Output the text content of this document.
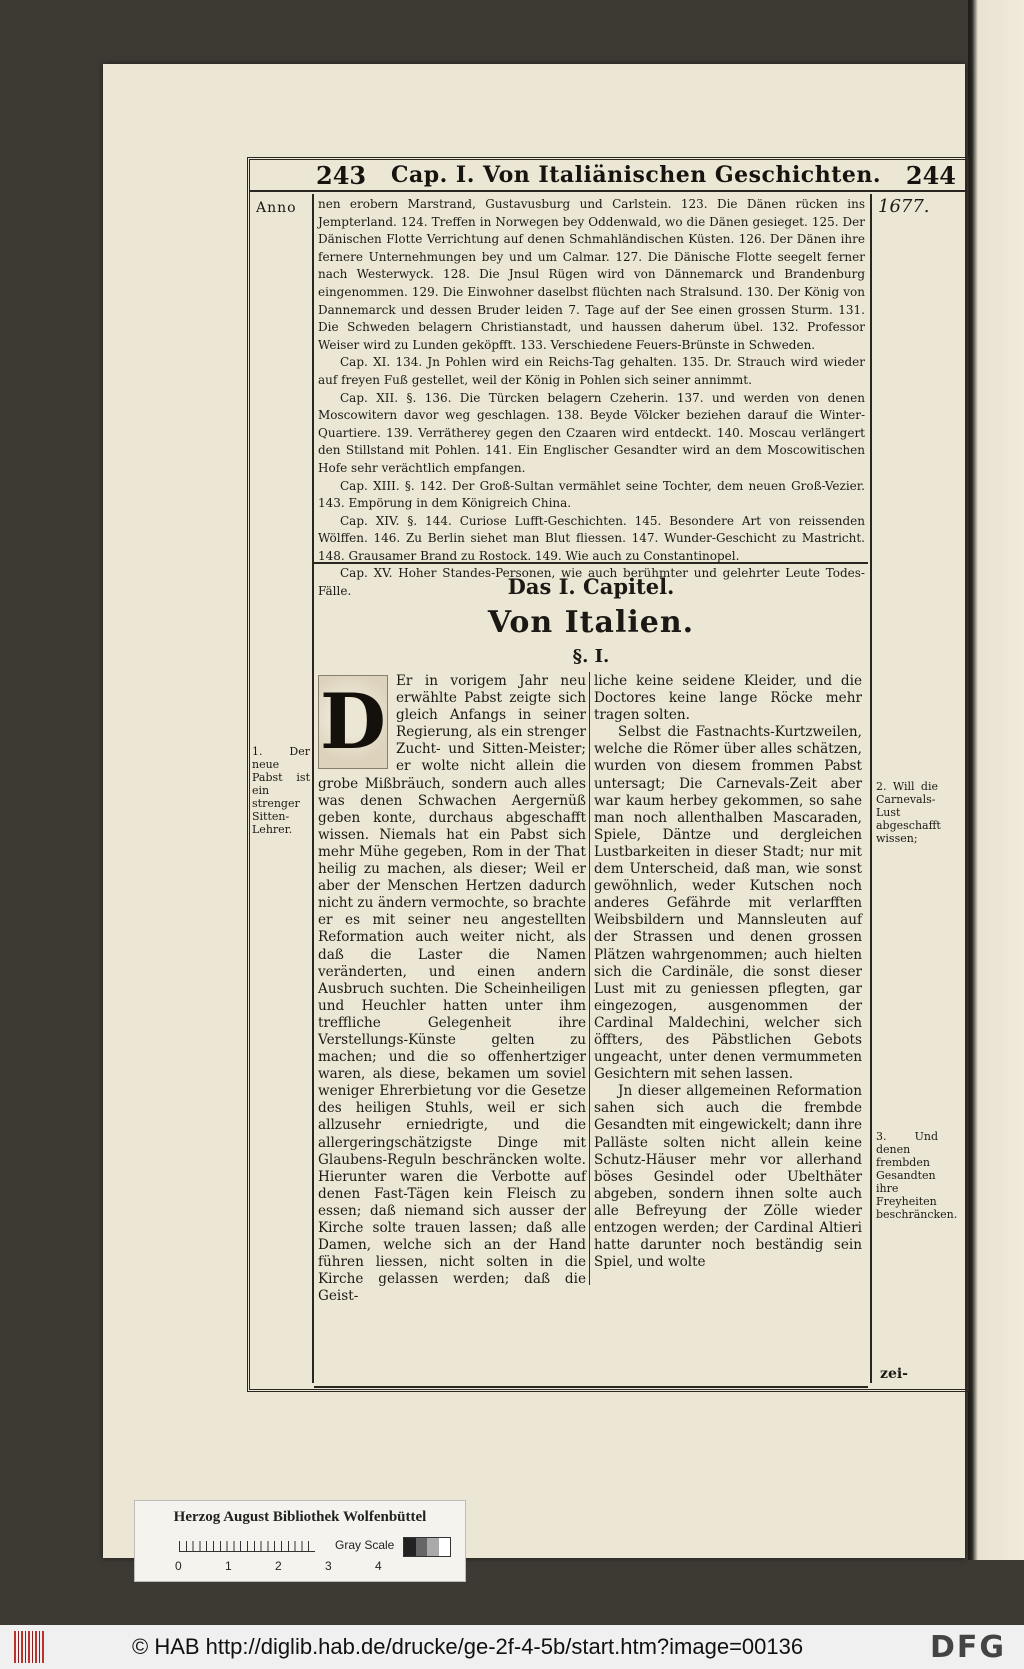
243 Cap. I. Von Italiänischen Geschichten. 244
Anno	1677.

nen erobern Marstrand, Gustavusburg und Carlstein. 123. Die Dänen rücken ins Jempterland. 124. Treffen in Norwegen bey Oddenwald, wo die Dänen gesieget. 125. Der Dänischen Flotte Verrichtung auf denen Schmahländischen Küsten. 126. Der Dänen ihre fernere Unternehmungen bey und um Calmar. 127. Die Dänische Flotte seegelt ferner nach Westerwyck. 128. Die Jnsul Rügen wird von Dännemarck und Brandenburg eingenommen. 129. Die Einwohner daselbst flüchten nach Stralsund. 130. Der König von Dannemarck und dessen Bruder leiden 7. Tage auf der See einen grossen Sturm. 131. Die Schweden belagern Christianstadt, und haussen daherum übel. 132. Professor Weiser wird zu Lunden geköpfft. 133. Verschiedene Feuers-Brünste in Schweden.

Cap. XI. 134. Jn Pohlen wird ein Reichs-Tag gehalten. 135. Dr. Strauch wird wieder auf freyen Fuß gestellet, weil der König in Pohlen sich seiner annimmt.

Cap. XII. §. 136. Die Türcken belagern Czeherin. 137. und werden von denen Moscowitern davor weg geschlagen. 138. Beyde Völcker beziehen darauf die Winter-Quartiere. 139. Verrätherey gegen den Czaaren wird entdeckt. 140. Moscau verlängert den Stillstand mit Pohlen. 141. Ein Englischer Gesandter wird an dem Moscowitischen Hofe sehr verächtlich empfangen.

Cap. XIII. §. 142. Der Groß-Sultan vermählet seine Tochter, dem neuen Groß-Vezier. 143. Empörung in dem Königreich China.

Cap. XIV. §. 144. Curiose Lufft-Geschichten. 145. Besondere Art von reissenden Wölffen. 146. Zu Berlin siehet man Blut fliessen. 147. Wunder-Geschicht zu Mastricht. 148. Grausamer Brand zu Rostock. 149. Wie auch zu Constantinopel.

Cap. XV. Hoher Standes-Personen, wie auch berühmter und gelehrter Leute Todes-Fälle.	Das I. Capitel.
Von Italien.
§. I.
D Er in vorigem Jahr neu erwählte Pabst zeigte sich gleich Anfangs in seiner Regierung, als ein strenger Zucht- und Sitten-Meister; er wolte nicht allein die grobe Mißbräuch, sondern auch alles was denen Schwachen Aergernüß geben konte, durchaus abgeschafft wissen. Niemals hat ein Pabst sich mehr Mühe gegeben, Rom in der That heilig zu machen, als dieser; Weil er aber der Menschen Hertzen dadurch nicht zu ändern vermochte, so brachte er es mit seiner neu angestellten Reformation auch weiter nicht, als daß die Laster die Namen veränderten, und einen andern Ausbruch suchten. Die Scheinheiligen und Heuchler hatten unter ihm treffliche Gelegenheit ihre Verstellungs-Künste gelten zu machen; und die so offenhertziger waren, als diese, bekamen um soviel weniger Ehrerbietung vor die Gesetze des heiligen Stuhls, weil er sich allzusehr erniedrigte, und die allergeringschätzigste Dinge mit Glaubens-Reguln beschräncken wolte. Hierunter waren die Verbotte auf denen Fast-Tägen kein Fleisch zu essen; daß niemand sich ausser der Kirche solte trauen lassen; daß alle Damen, welche sich an der Hand führen liessen, nicht solten in die Kirche gelassen werden; daß die Geist-

liche keine seidene Kleider, und die Doctores keine lange Röcke mehr tragen solten.

Selbst die Fastnachts-Kurtzweilen, welche die Römer über alles schätzen, wurden von diesem frommen Pabst untersagt; Die Carnevals-Zeit aber war kaum herbey gekommen, so sahe man noch allenthalben Mascaraden, Spiele, Däntze und dergleichen Lustbarkeiten in dieser Stadt; nur mit dem Unterscheid, daß man, wie sonst gewöhnlich, weder Kutschen noch anderes Gefährde mit verlarfften Weibsbildern und Mannsleuten auf der Strassen und denen grossen Plätzen wahrgenommen; auch hielten sich die Cardinäle, die sonst dieser Lust mit zu geniessen pflegten, gar eingezogen, ausgenommen der Cardinal Maldechini, welcher sich öffters, des Päbstlichen Gebots ungeacht, unter denen vermummeten Gesichtern mit sehen lassen.

Jn dieser allgemeinen Reformation sahen sich auch die frembde Gesandten mit eingewickelt; dann ihre Palläste solten nicht allein keine Schutz-Häuser mehr vor allerhand böses Gesindel oder Ubelthäter abgeben, sondern ihnen solte auch alle Befreyung der Zölle wieder entzogen werden; der Cardinal Altieri hatte darunter noch beständig sein Spiel, und wolte

1. Der neue Pabst ist ein strenger Sitten-Lehrer.
2. Will die Carnevals-Lust abgeschafft wissen;
3. Und denen frembden Gesandten ihre Freyheiten beschräncken.
zei-
Herzog August Bibliothek Wolfenbüttel
0 1 2 3 4
Gray Scale
© HAB http://diglib.hab.de/drucke/ge-2f-4-5b/start.htm?image=00136	DFG
